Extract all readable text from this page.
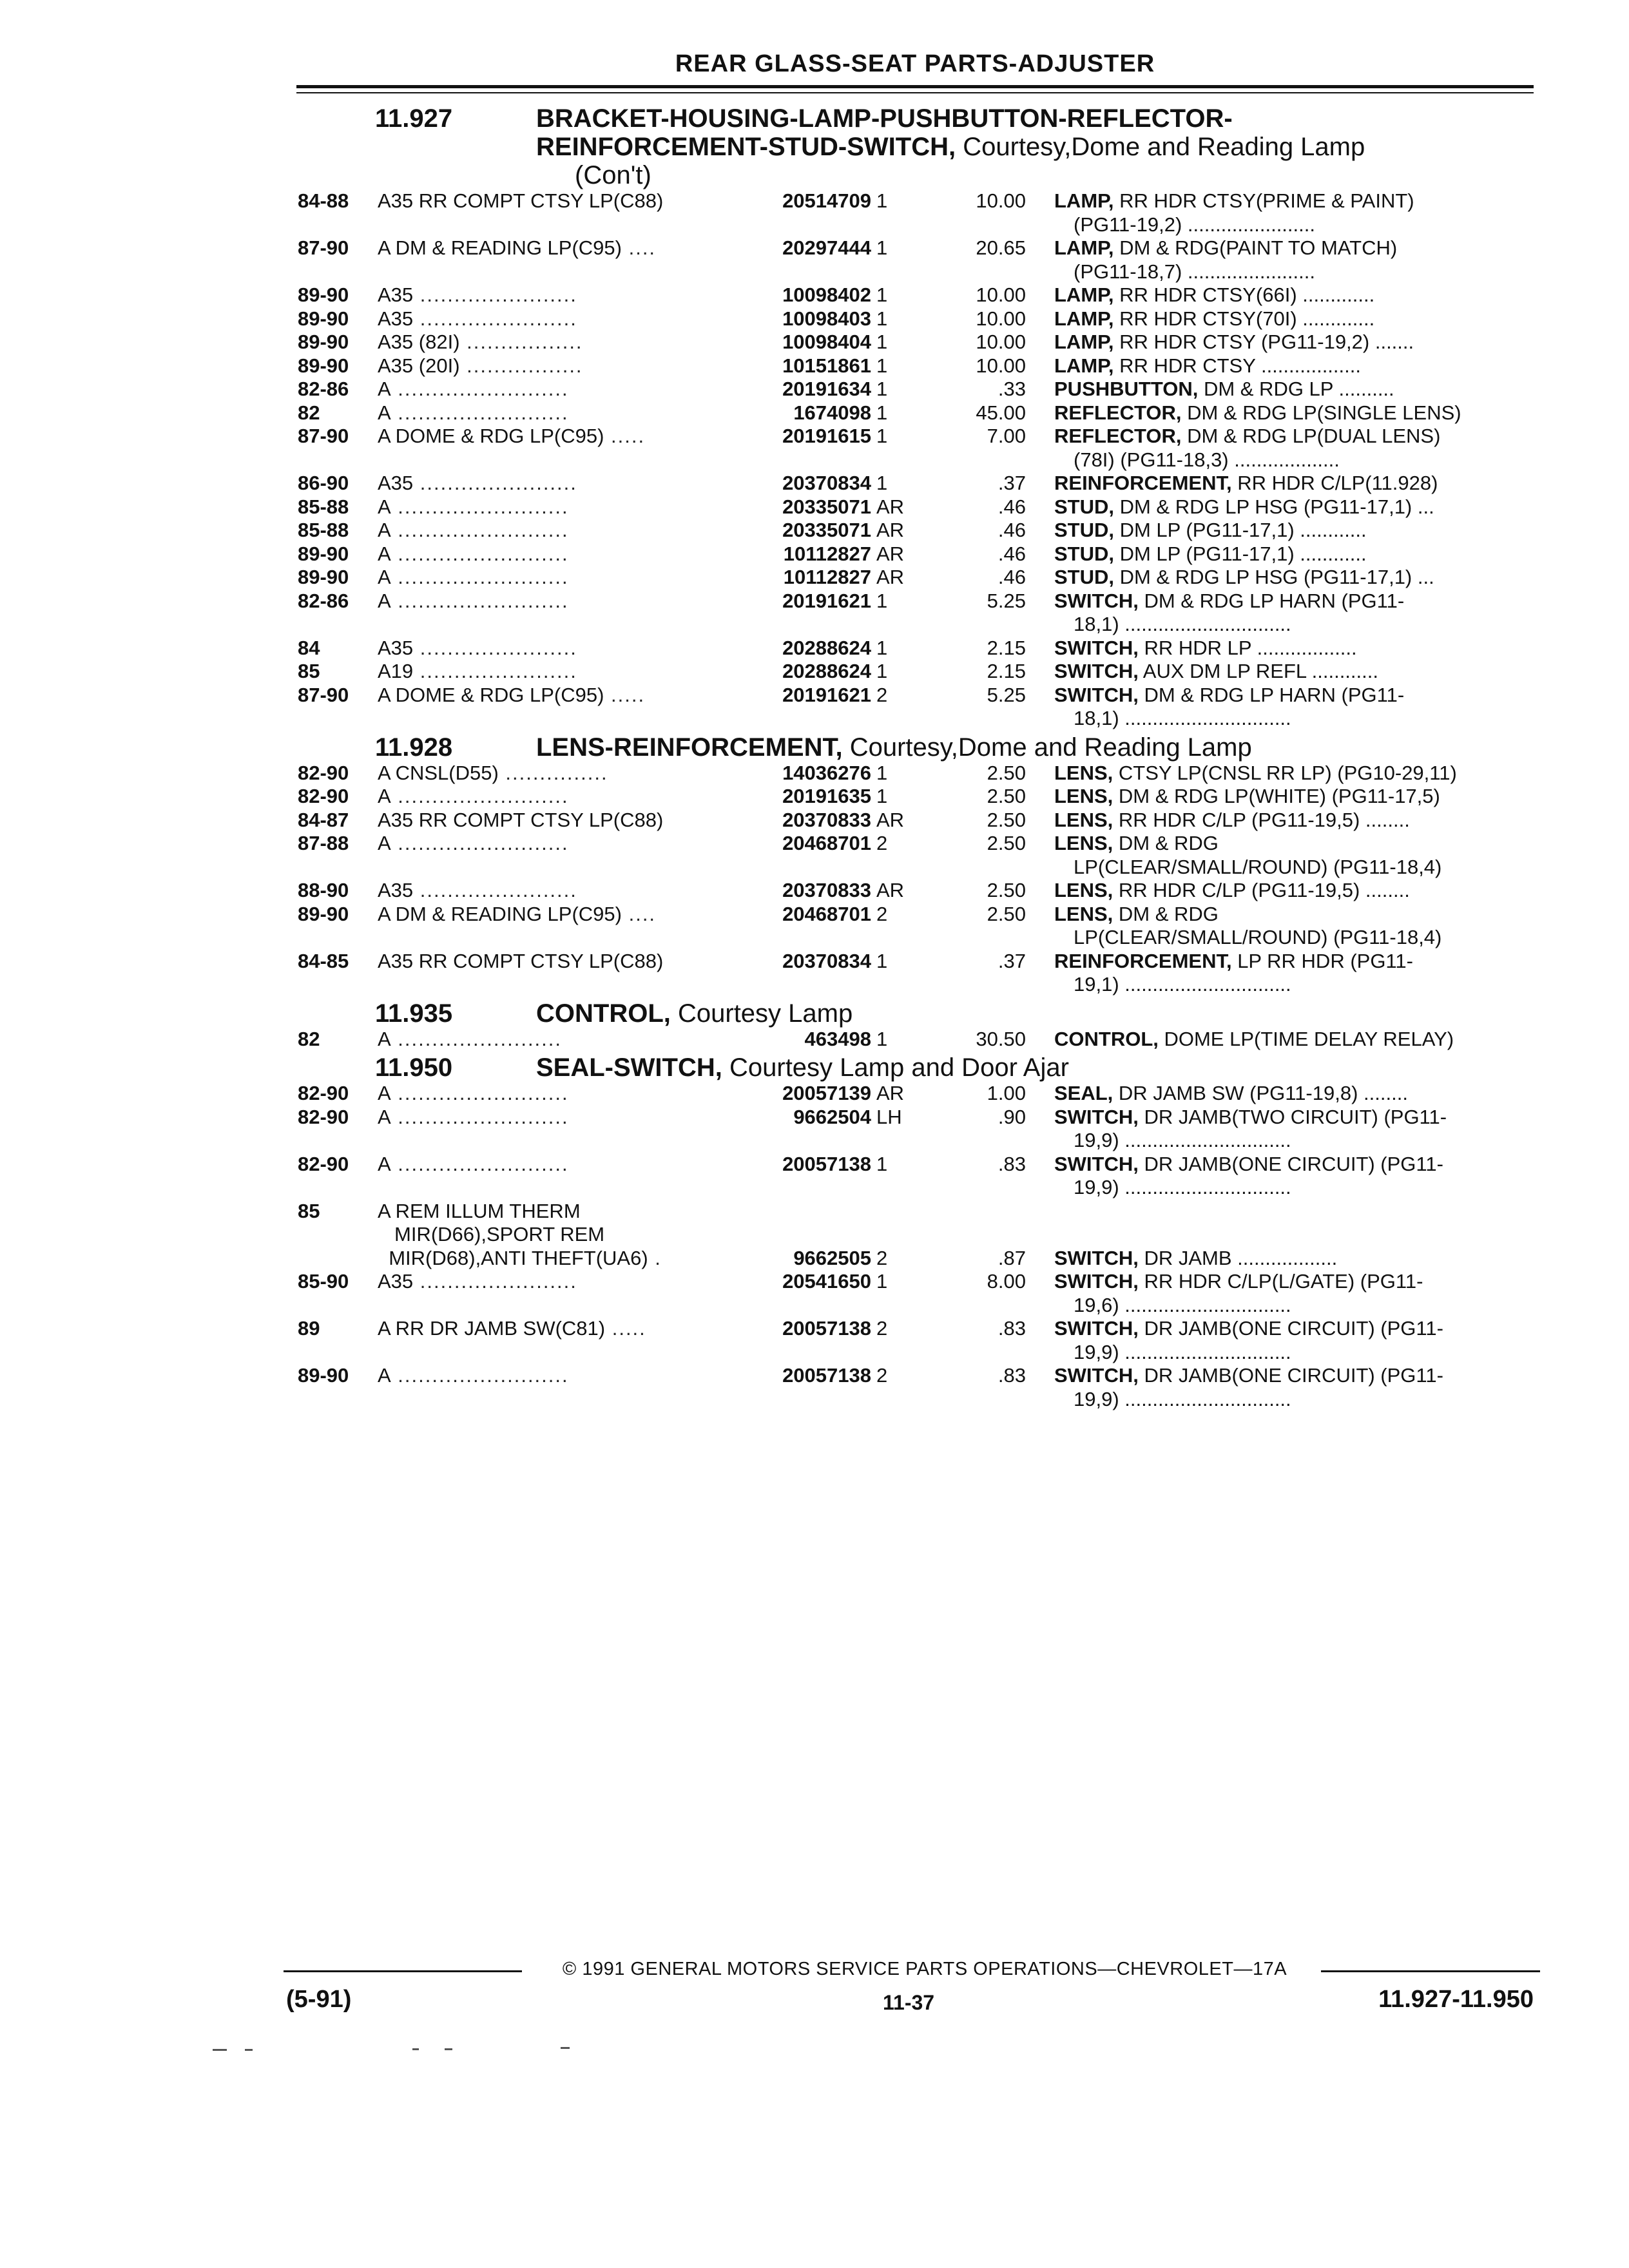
REAR GLASS-SEAT PARTS-ADJUSTER
11.927	BRACKET-HOUSING-LAMP-PUSHBUTTON-REFLECTOR-
REINFORCEMENT-STUD-SWITCH, Courtesy,Dome and Reading Lamp
(Con't)
84-88	A35 RR COMPT CTSY LP(C88)	20514709 1	10.00 LAMP, RR HDR CTSY(PRIME & PAINT)
(PG11-19,2) .......................
87-90	A DM & READING LP(C95) ....	20297444 1	20.65 LAMP, DM & RDG(PAINT TO MATCH)
(PG11-18,7) .......................
89-90	A35 .......................	10098402 1	10.00 LAMP, RR HDR CTSY(66I) .............
89-90	A35 .......................	10098403 1	10.00 LAMP, RR HDR CTSY(70I) .............
89-90	A35 (82I) .................	10098404 1	10.00 LAMP, RR HDR CTSY (PG11-19,2) .......
89-90	A35 (20I) .................	10151861 1	10.00 LAMP, RR HDR CTSY ..................
82-86	A .........................	20191634 1	.33 PUSHBUTTON, DM & RDG LP ..........
82	A .........................	1674098 1	45.00 REFLECTOR, DM & RDG LP(SINGLE LENS)
87-90	A DOME & RDG LP(C95) .....	20191615 1	7.00 REFLECTOR, DM & RDG LP(DUAL LENS)
(78I) (PG11-18,3) ...................
86-90	A35 .......................	20370834 1	.37 REINFORCEMENT, RR HDR C/LP(11.928)
85-88	A .........................	20335071 AR	.46 STUD, DM & RDG LP HSG (PG11-17,1) ...
85-88	A .........................	20335071 AR	.46 STUD, DM LP (PG11-17,1) ............
89-90	A .........................	10112827 AR	.46 STUD, DM LP (PG11-17,1) ............
89-90	A .........................	10112827 AR	.46 STUD, DM & RDG LP HSG (PG11-17,1) ...
82-86	A .........................	20191621 1	5.25 SWITCH, DM & RDG LP HARN (PG11-
18,1) ..............................
84	A35 .......................	20288624 1	2.15 SWITCH, RR HDR LP ..................
85	A19 .......................	20288624 1	2.15 SWITCH, AUX DM LP REFL ............
87-90	A DOME & RDG LP(C95) .....	20191621 2	5.25 SWITCH, DM & RDG LP HARN (PG11-
18,1) ..............................
11.928	LENS-REINFORCEMENT, Courtesy,Dome and Reading Lamp
82-90	A CNSL(D55) ...............	14036276 1	2.50 LENS, CTSY LP(CNSL RR LP) (PG10-29,11)
82-90	A .........................	20191635 1	2.50 LENS, DM & RDG LP(WHITE) (PG11-17,5)
84-87	A35 RR COMPT CTSY LP(C88)	20370833 AR	2.50 LENS, RR HDR C/LP (PG11-19,5) ........
87-88	A .........................	20468701 2	2.50 LENS, DM & RDG
LP(CLEAR/SMALL/ROUND) (PG11-18,4)
88-90	A35 .......................	20370833 AR	2.50 LENS, RR HDR C/LP (PG11-19,5) ........
89-90	A DM & READING LP(C95) ....	20468701 2	2.50 LENS, DM & RDG
LP(CLEAR/SMALL/ROUND) (PG11-18,4)
84-85	A35 RR COMPT CTSY LP(C88)	20370834 1	.37 REINFORCEMENT, LP RR HDR (PG11-
19,1) ..............................
11.935	CONTROL, Courtesy Lamp
82	A ........................	463498 1	30.50 CONTROL, DOME LP(TIME DELAY RELAY)
11.950	SEAL-SWITCH, Courtesy Lamp and Door Ajar
82-90	A .........................	20057139 AR	1.00 SEAL, DR JAMB SW (PG11-19,8) ........
82-90	A .........................	9662504 LH	.90 SWITCH, DR JAMB(TWO CIRCUIT) (PG11-
19,9) ..............................
82-90	A .........................	20057138 1	.83 SWITCH, DR JAMB(ONE CIRCUIT) (PG11-
19,9) ..............................
85	A REM ILLUM THERM
MIR(D66),SPORT REM
MIR(D68),ANTI THEFT(UA6) .	9662505 2	.87 SWITCH, DR JAMB ..................
85-90	A35 .......................	20541650 1	8.00 SWITCH, RR HDR C/LP(L/GATE) (PG11-
19,6) ..............................
89	A RR DR JAMB SW(C81) .....	20057138 2	.83 SWITCH, DR JAMB(ONE CIRCUIT) (PG11-
19,9) ..............................
89-90	A .........................	20057138 2	.83 SWITCH, DR JAMB(ONE CIRCUIT) (PG11-
19,9) ..............................
© 1991 GENERAL MOTORS SERVICE PARTS OPERATIONS—CHEVROLET—17A
(5-91)	11-37	11.927-11.950
